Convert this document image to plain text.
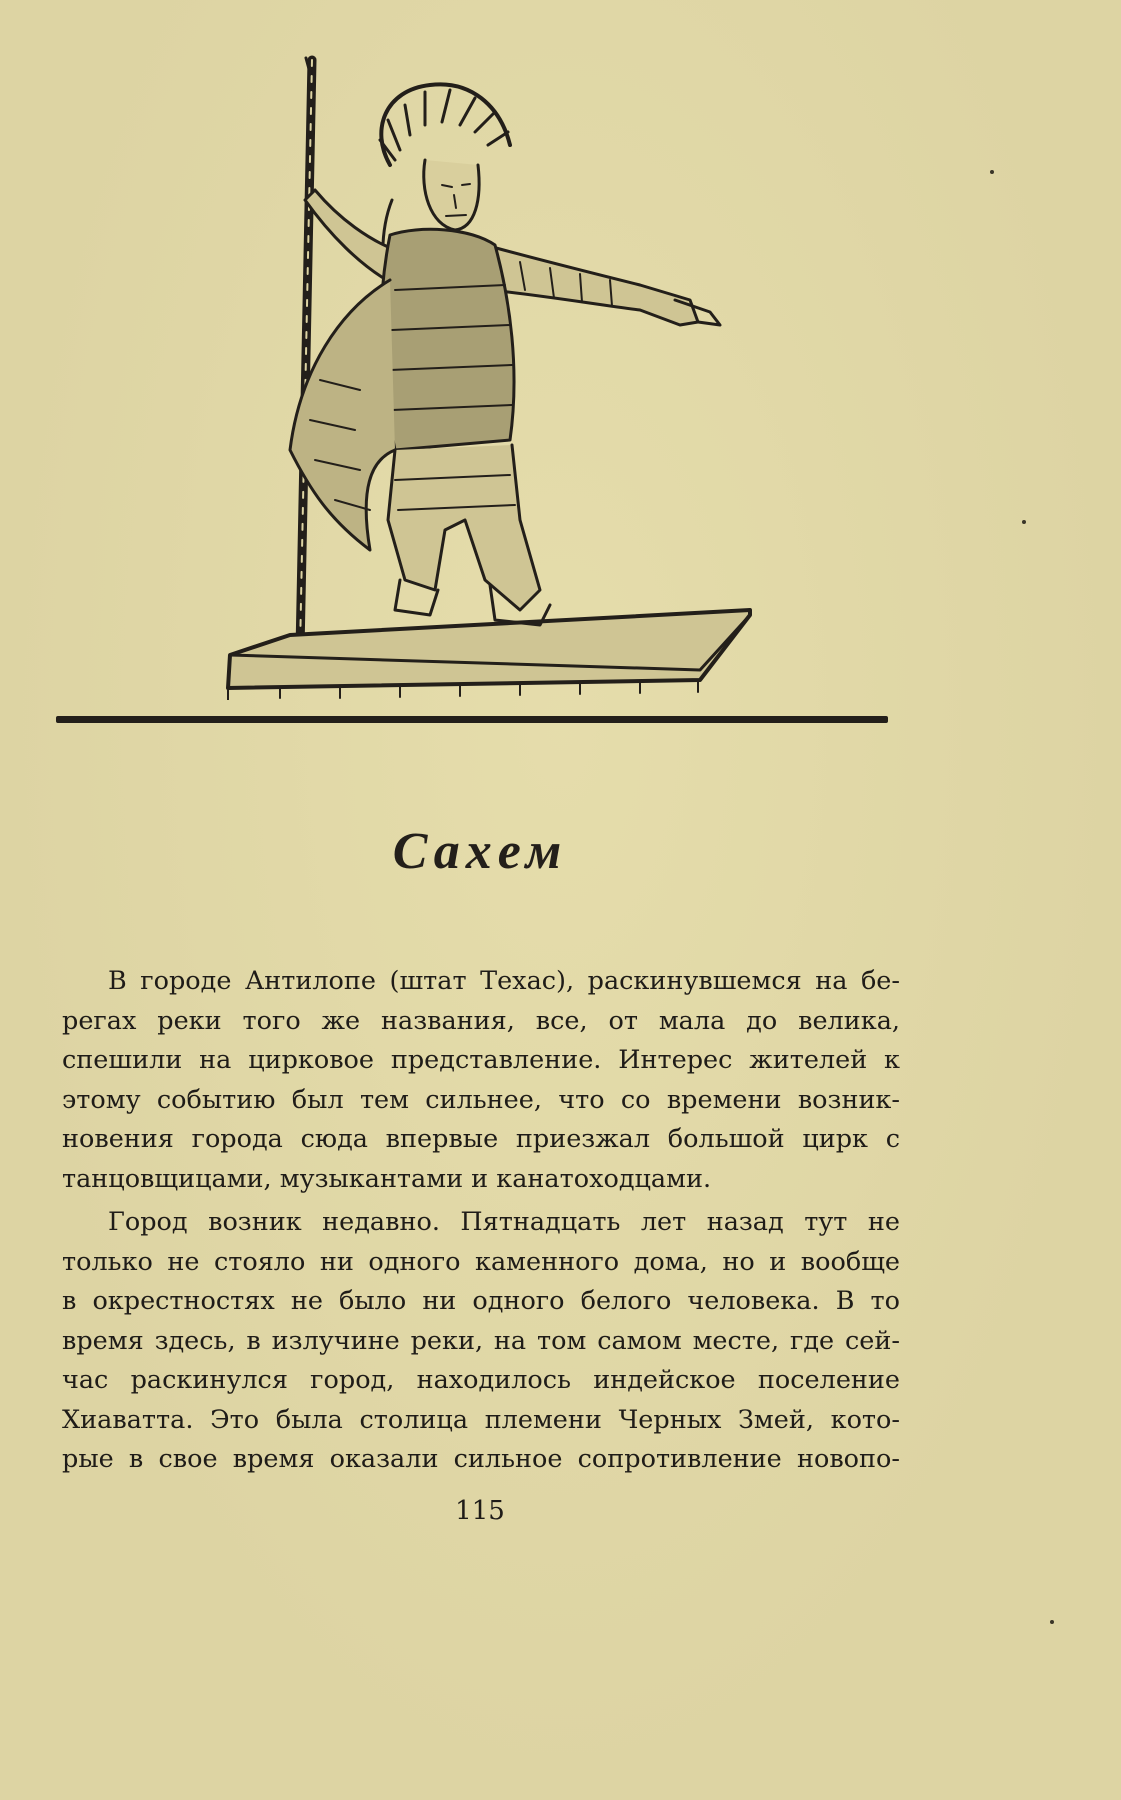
Сахем
В городе Антилопе (штат Техас), раскинувшемся на бе-
регах реки того же названия, все, от мала до велика,
спешили на цирковое представление. Интерес жителей к
этому событию был тем сильнее, что со времени возник-
новения города сюда впервые приезжал большой цирк с
танцовщицами, музыкантами и канатоходцами.
Город возник недавно. Пятнадцать лет назад тут не
только не стояло ни одного каменного дома, но и вообще
в окрестностях не было ни одного белого человека. В то
время здесь, в излучине реки, на том самом месте, где сей-
час раскинулся город, находилось индейское поселение
Хиаватта. Это была столица племени Черных Змей, кото-
рые в свое время оказали сильное сопротивление новопо-
115
